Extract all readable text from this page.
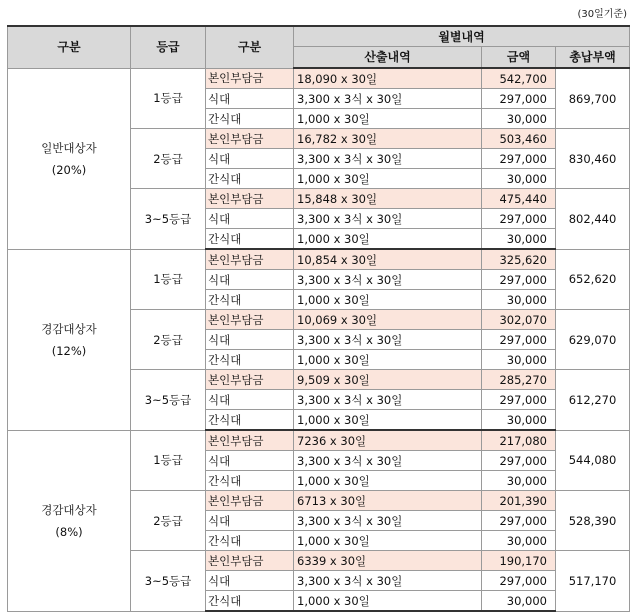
(30일기준)
구분	등급	구분	월별내역		
			산출내역	금액	총납부액

일반대상자
(20%)	1등급	본인부담금	18,090 x 30일	542,700	869,700
		식대	3,300 x 3식 x 30일	297,000	
		간식대	1,000 x 30일	30,000	
	2등급	본인부담금	16,782 x 30일	503,460	830,460
		식대	3,300 x 3식 x 30일	297,000	
		간식대	1,000 x 30일	30,000	
	3~5등급	본인부담금	15,848 x 30일	475,440	802,440
		식대	3,300 x 3식 x 30일	297,000	
		간식대	1,000 x 30일	30,000	

경감대상자
(12%)	1등급	본인부담금	10,854 x 30일	325,620	652,620
		식대	3,300 x 3식 x 30일	297,000	
		간식대	1,000 x 30일	30,000	
	2등급	본인부담금	10,069 x 30일	302,070	629,070
		식대	3,300 x 3식 x 30일	297,000	
		간식대	1,000 x 30일	30,000	
	3~5등급	본인부담금	9,509 x 30일	285,270	612,270
		식대	3,300 x 3식 x 30일	297,000	
		간식대	1,000 x 30일	30,000	

경감대상자
(8%)	1등급	본인부담금	7236 x 30일	217,080	544,080
		식대	3,300 x 3식 x 30일	297,000	
		간식대	1,000 x 30일	30,000	
	2등급	본인부담금	6713 x 30일	201,390	528,390
		식대	3,300 x 3식 x 30일	297,000	
		간식대	1,000 x 30일	30,000	
	3~5등급	본인부담금	6339 x 30일	190,170	517,170
		식대	3,300 x 3식 x 30일	297,000	
		간식대	1,000 x 30일	30,000	
